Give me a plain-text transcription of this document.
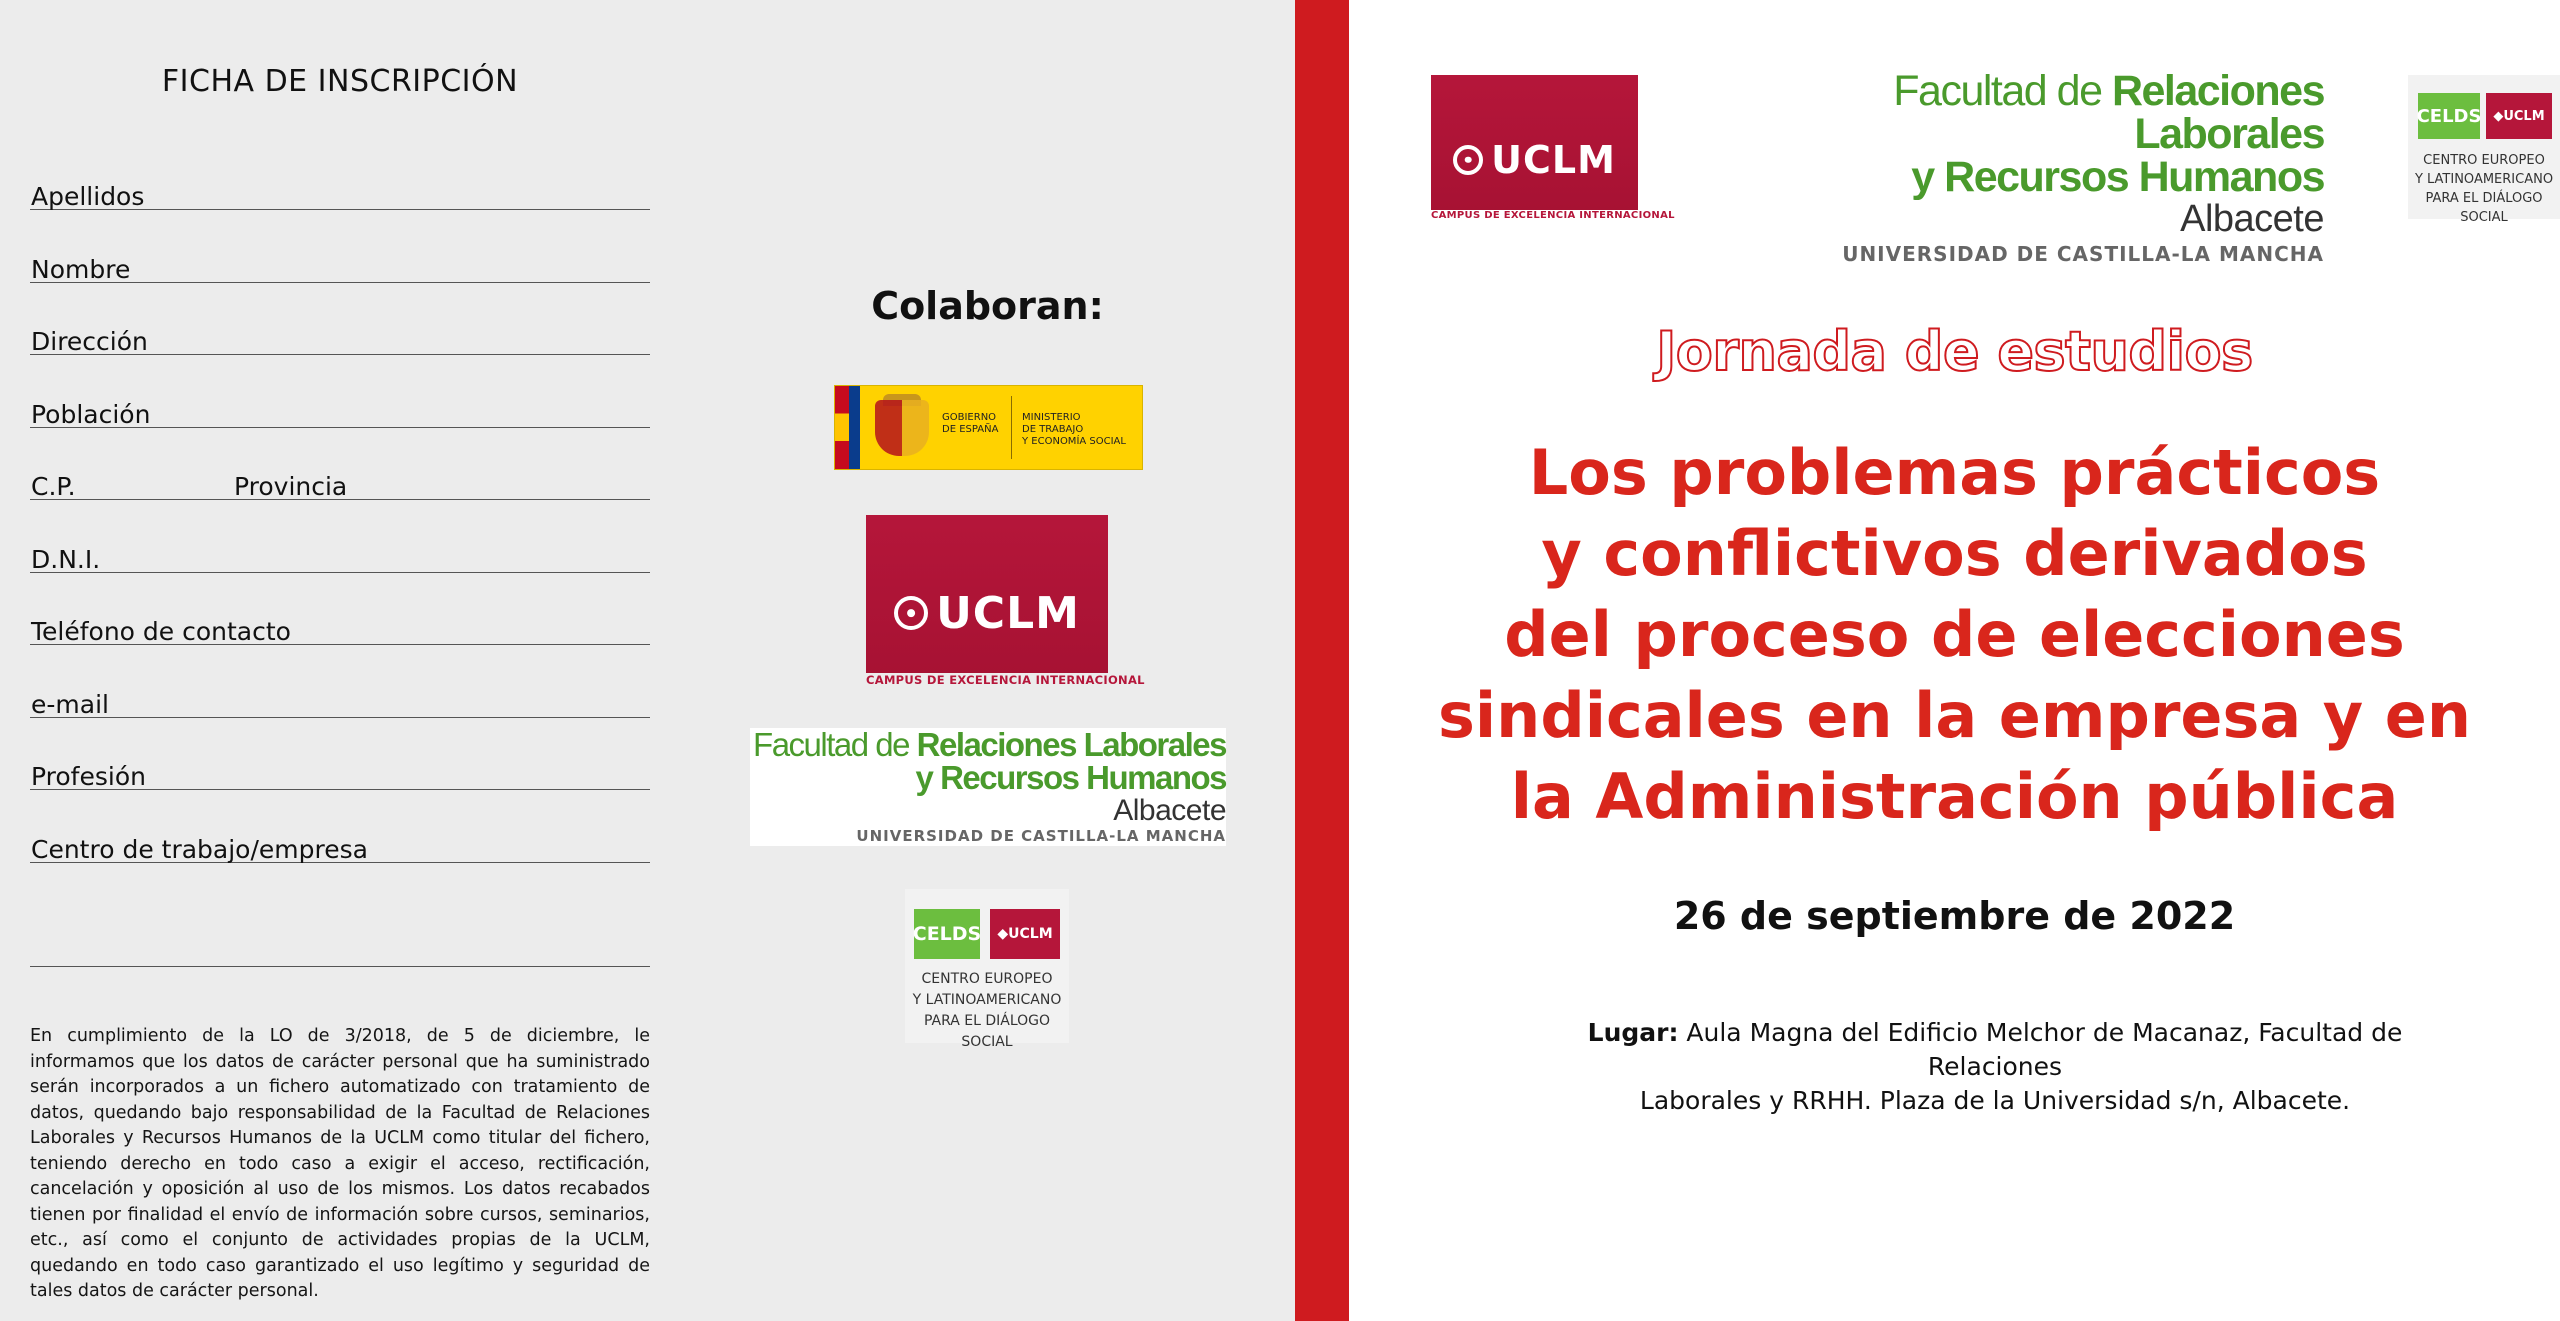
FICHA DE INSCRIPCIÓN
Apellidos
Nombre
Dirección
Población
C.P.	Provincia
D.N.I.
Teléfono de contacto
e-mail
Profesión
Centro de trabajo/empresa
En cumplimiento de la LO de 3/2018, de 5 de diciembre, le informamos que los datos de carácter personal que ha suministrado serán incorporados a un fichero automatizado con tratamiento de datos, quedando bajo responsabilidad de la Facultad de Relaciones Laborales y Recursos Humanos de la UCLM como titular del fichero, teniendo derecho en todo caso a exigir el acceso, rectificación, cancelación y oposición al uso de los mismos. Los datos recabados tienen por finalidad el envío de información sobre cursos, seminarios, etc., así como el conjunto de actividades propias de la UCLM, quedando en todo caso garantizado el uso legítimo y seguridad de tales datos de carácter personal.
Colaboran:
GOBIERNO
DE ESPAÑA
MINISTERIO
DE TRABAJO
Y ECONOMÍA SOCIAL
UCLM
CAMPUS DE EXCELENCIA INTERNACIONAL
Facultad de Relaciones Laborales
y Recursos Humanos
Albacete
UNIVERSIDAD DE CASTILLA-LA MANCHA
CELDS	◆UCLM
CENTRO EUROPEO
Y LATINOAMERICANO
PARA EL DIÁLOGO SOCIAL
UCLM
CAMPUS DE EXCELENCIA INTERNACIONAL
Facultad de Relaciones Laborales
y Recursos Humanos
Albacete
UNIVERSIDAD DE CASTILLA-LA MANCHA
CELDS ◆UCLM
CENTRO EUROPEO
Y LATINOAMERICANO
PARA EL DIÁLOGO SOCIAL
Jornada de estudios
Los problemas prácticos
y conflictivos derivados
del proceso de elecciones
sindicales en la empresa y en
la Administración pública
26 de septiembre de 2022
Lugar: Aula Magna del Edificio Melchor de Macanaz, Facultad de Relaciones
Laborales y RRHH. Plaza de la Universidad s/n, Albacete.
